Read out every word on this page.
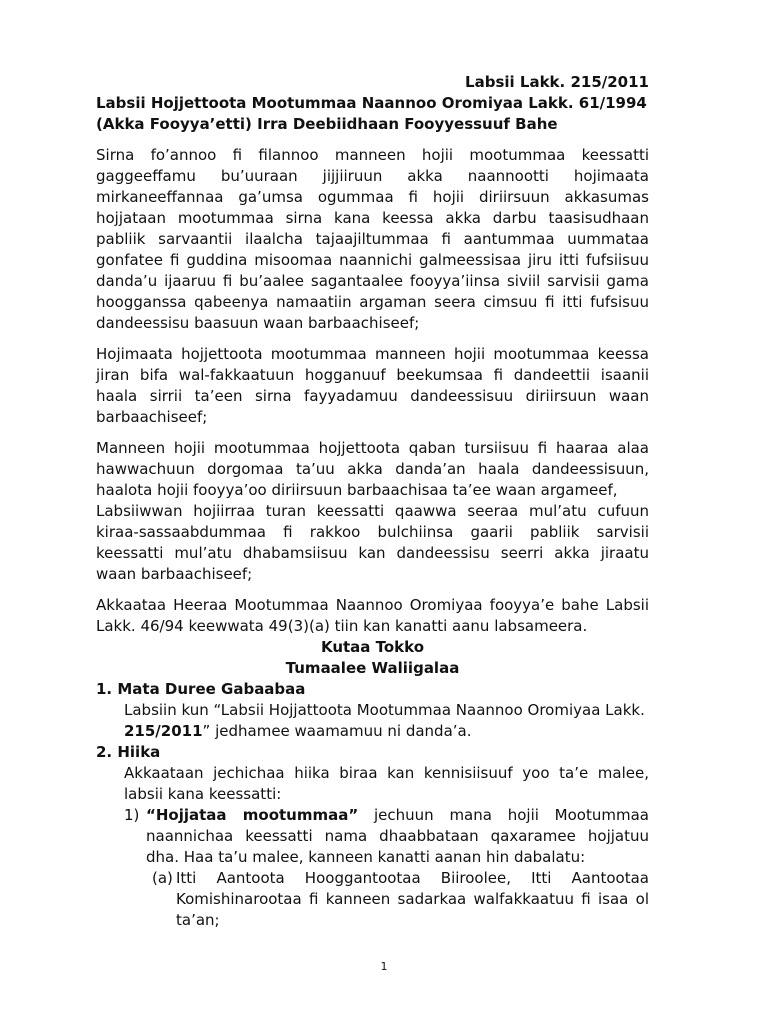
Labsii Lakk. 215/2011
Labsii Hojjettoota Mootummaa Naannoo Oromiyaa Lakk. 61/1994
(Akka Fooyya’etti) Irra Deebiidhaan Fooyyessuuf Bahe
Sirna fo’annoo fi filannoo manneen hojii mootummaa keessatti
gaggeeffamu bu’uuraan jijjiiruun akka naannootti hojimaata
mirkaneeffannaa ga’umsa ogummaa fi hojii diriirsuun akkasumas
hojjataan mootummaa sirna kana keessa akka darbu taasisudhaan
pabliik sarvaantii ilaalcha tajaajiltummaa fi aantummaa uummataa
gonfatee fi guddina misoomaa naannichi galmeessisaa jiru itti fufsiisuu
danda’u ijaaruu fi bu’aalee sagantaalee fooyya’iinsa siviil sarvisii gama
hoogganssa qabeenya namaatiin argaman seera cimsuu fi itti fufsisuu
dandeessisu baasuun waan barbaachiseef;
Hojimaata hojjettoota mootummaa manneen hojii mootummaa keessa
jiran bifa wal-fakkaatuun hogganuuf beekumsaa fi dandeettii isaanii
haala sirrii ta’een sirna fayyadamuu dandeessisuu diriirsuun waan
barbaachiseef;
Manneen hojii mootummaa hojjettoota qaban tursiisuu fi haaraa alaa
hawwachuun dorgomaa ta’uu akka danda’an haala dandeessisuun,
haalota hojii fooyya’oo diriirsuun barbaachisaa ta’ee waan argameef,
Labsiiwwan hojiirraa turan keessatti qaawwa seeraa mul’atu cufuun
kiraa-sassaabdummaa fi rakkoo bulchiinsa gaarii pabliik sarvisii
keessatti mul’atu dhabamsiisuu kan dandeessisu seerri akka jiraatu
waan barbaachiseef;
Akkaataa Heeraa Mootummaa Naannoo Oromiyaa fooyya’e bahe Labsii
Lakk. 46/94 keewwata 49(3)(a) tiin kan kanatti aanu labsameera.
Kutaa Tokko
Tumaalee Waliigalaa
1. Mata Duree Gabaabaa
Labsiin kun “Labsii Hojjattoota Mootummaa Naannoo Oromiyaa Lakk.
215/2011” jedhamee waamamuu ni danda’a.
2. Hiika
Akkaataan jechichaa hiika biraa kan kennisiisuuf yoo ta’e malee,
labsii kana keessatti:
1) “Hojjataa mootummaa” jechuun mana hojii Mootummaa
naannichaa keessatti nama dhaabbataan qaxaramee hojjatuu
dha. Haa ta’u malee, kanneen kanatti aanan hin dabalatu:
(a) Itti Aantoota Hooggantootaa Biiroolee, Itti Aantootaa
Komishinarootaa fi kanneen sadarkaa walfakkaatuu fi isaa ol
ta’an;
1
